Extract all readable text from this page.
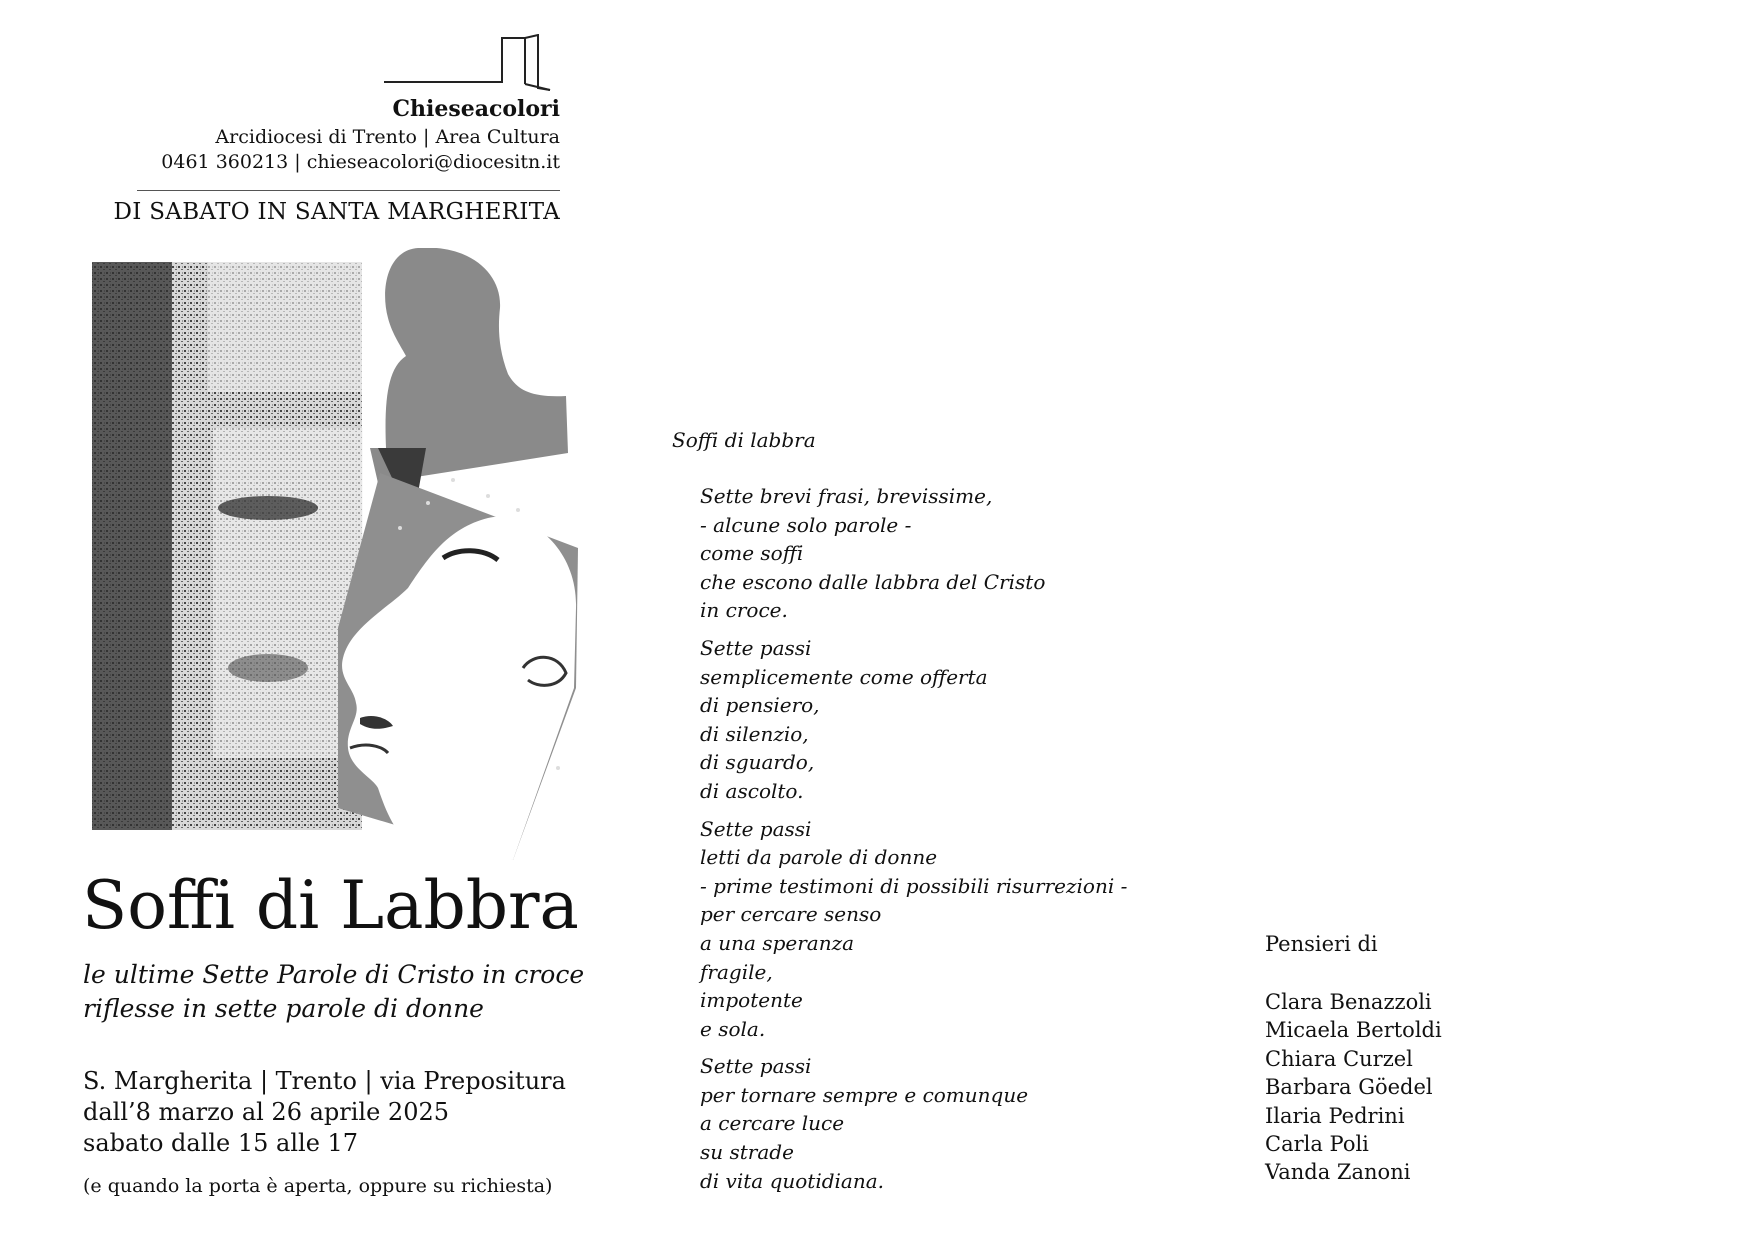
Chieseacolori
Arcidiocesi di Trento | Area Cultura
0461 360213 | chieseacolori@diocesitn.it
DI SABATO IN SANTA MARGHERITA
Soffi di Labbra
le ultime Sette Parole di Cristo in croce
riflesse in sette parole di donne
S. Margherita | Trento | via Prepositura
dall’8 marzo al 26 aprile 2025
sabato dalle 15 alle 17
(e quando la porta è aperta, oppure su richiesta)
Soffi di labbra
Sette brevi frasi, brevissime,
- alcune solo parole -
come soffi
che escono dalle labbra del Cristo
in croce.
Sette passi
semplicemente come offerta
di pensiero,
di silenzio,
di sguardo,
di ascolto.
Sette passi
letti da parole di donne
- prime testimoni di possibili risurrezioni -
per cercare senso
a una speranza
fragile,
impotente
e sola.
Sette passi
per tornare sempre e comunque
a cercare luce
su strade
di vita quotidiana.
Pensieri di
Clara Benazzoli
Micaela Bertoldi
Chiara Curzel
Barbara Göedel
Ilaria Pedrini
Carla Poli
Vanda Zanoni
